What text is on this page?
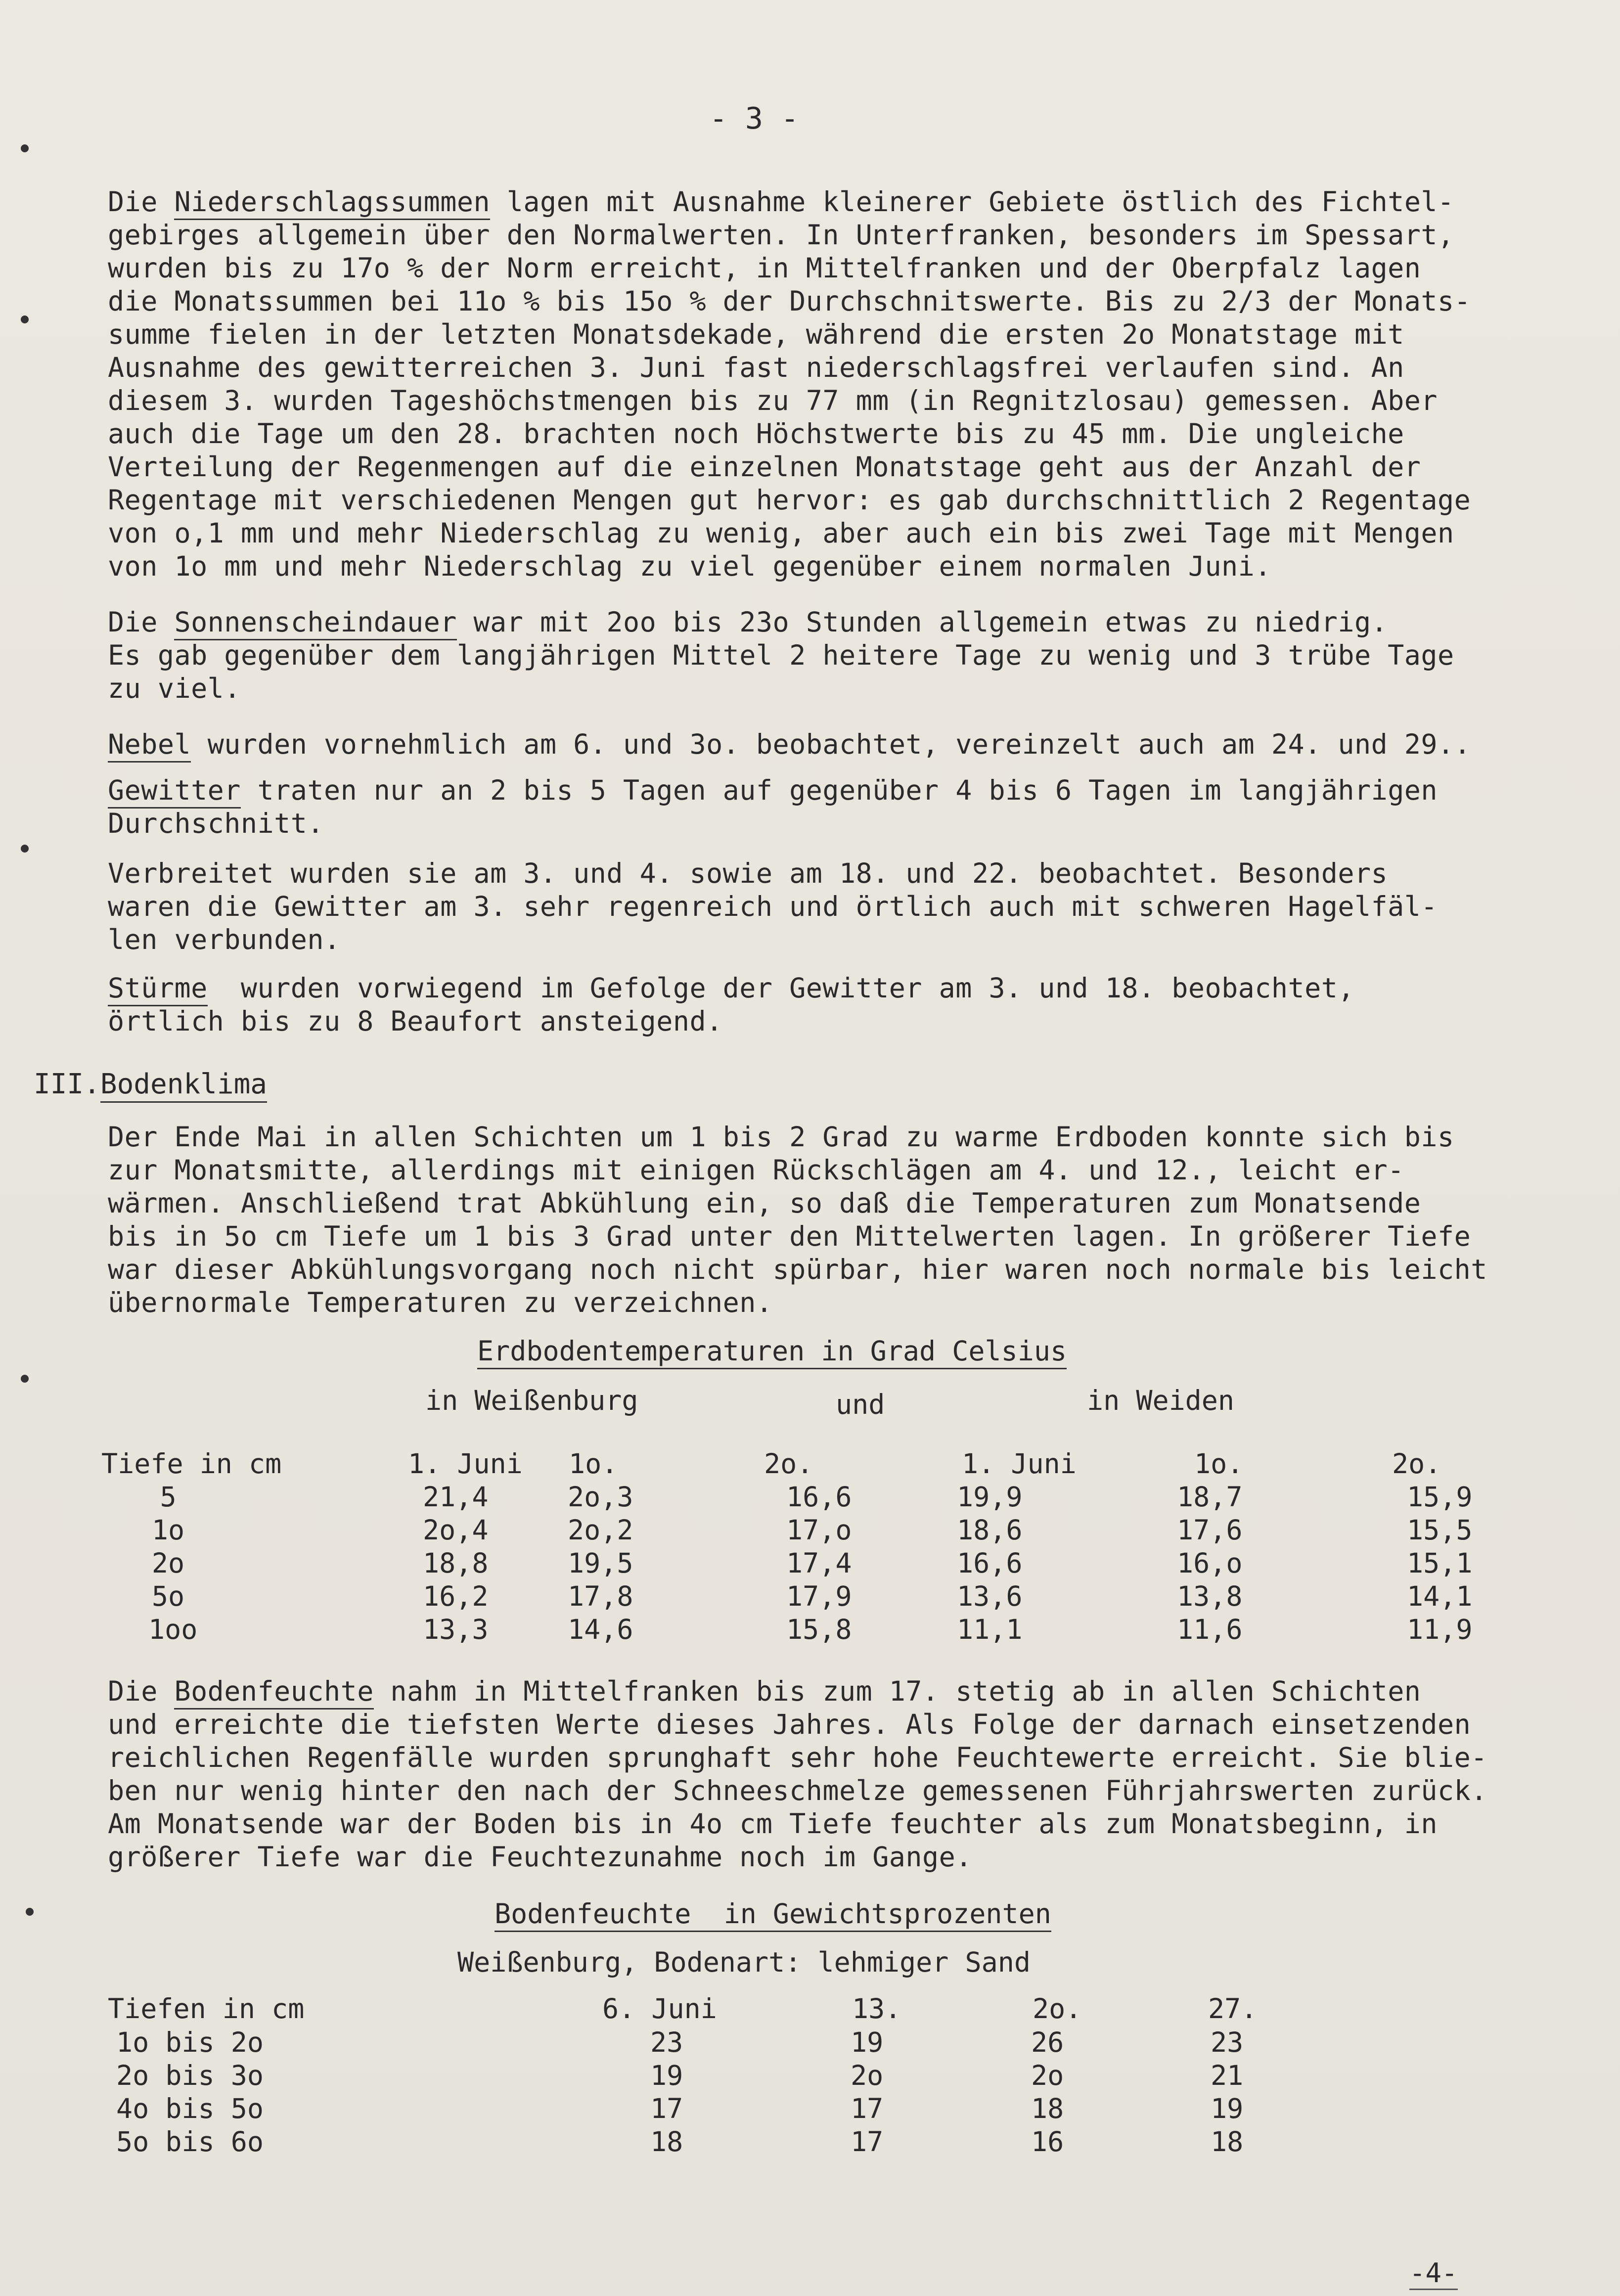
- 3 -
Die Niederschlagssummen lagen mit Ausnahme kleinerer Gebiete östlich des Fichtel-
gebirges allgemein über den Normalwerten. In Unterfranken, besonders im Spessart,
wurden bis zu 17o % der Norm erreicht, in Mittelfranken und der Oberpfalz lagen
die Monatssummen bei 11o % bis 15o % der Durchschnitswerte. Bis zu 2/3 der Monats-
summe fielen in der letzten Monatsdekade, während die ersten 2o Monatstage mit
Ausnahme des gewitterreichen 3. Juni fast niederschlagsfrei verlaufen sind. An
diesem 3. wurden Tageshöchstmengen bis zu 77 mm (in Regnitzlosau) gemessen. Aber
auch die Tage um den 28. brachten noch Höchstwerte bis zu 45 mm. Die ungleiche
Verteilung der Regenmengen auf die einzelnen Monatstage geht aus der Anzahl der
Regentage mit verschiedenen Mengen gut hervor: es gab durchschnittlich 2 Regentage
von o,1 mm und mehr Niederschlag zu wenig, aber auch ein bis zwei Tage mit Mengen
von 1o mm und mehr Niederschlag zu viel gegenüber einem normalen Juni.
Die Sonnenscheindauer war mit 2oo bis 23o Stunden allgemein etwas zu niedrig.
Es gab gegenüber dem langjährigen Mittel 2 heitere Tage zu wenig und 3 trübe Tage
zu viel.
Nebel wurden vornehmlich am 6. und 3o. beobachtet, vereinzelt auch am 24. und 29..
Gewitter traten nur an 2 bis 5 Tagen auf gegenüber 4 bis 6 Tagen im langjährigen
Durchschnitt.
Verbreitet wurden sie am 3. und 4. sowie am 18. und 22. beobachtet. Besonders
waren die Gewitter am 3. sehr regenreich und örtlich auch mit schweren Hagelfäl-
len verbunden.
Stürme  wurden vorwiegend im Gefolge der Gewitter am 3. und 18. beobachtet,
örtlich bis zu 8 Beaufort ansteigend.
III.Bodenklima
Der Ende Mai in allen Schichten um 1 bis 2 Grad zu warme Erdboden konnte sich bis
zur Monatsmitte, allerdings mit einigen Rückschlägen am 4. und 12., leicht er-
wärmen. Anschließend trat Abkühlung ein, so daß die Temperaturen zum Monatsende
bis in 5o cm Tiefe um 1 bis 3 Grad unter den Mittelwerten lagen. In größerer Tiefe
war dieser Abkühlungsvorgang noch nicht spürbar, hier waren noch normale bis leicht
übernormale Temperaturen zu verzeichnen.
Erdbodentemperaturen in Grad Celsius
in Weißenburg	und	in Weiden
Tiefe in cm	1. Juni 1o.	2o.	1. Juni	1o.	2o.
5	21,4	2o,3	16,6	19,9	18,7	15,9
1o	2o,4	2o,2	17,o	18,6	17,6	15,5
2o	18,8	19,5	17,4	16,6	16,o	15,1
5o	16,2	17,8	17,9	13,6	13,8	14,1
1oo	13,3	14,6	15,8	11,1	11,6	11,9
Die Bodenfeuchte nahm in Mittelfranken bis zum 17. stetig ab in allen Schichten
und erreichte die tiefsten Werte dieses Jahres. Als Folge der darnach einsetzenden
reichlichen Regenfälle wurden sprunghaft sehr hohe Feuchtewerte erreicht. Sie blie-
ben nur wenig hinter den nach der Schneeschmelze gemessenen Führjahrswerten zurück.
Am Monatsende war der Boden bis in 4o cm Tiefe feuchter als zum Monatsbeginn, in
größerer Tiefe war die Feuchtezunahme noch im Gange.
Bodenfeuchte  in Gewichtsprozenten
Weißenburg, Bodenart: lehmiger Sand
Tiefen in cm	6. Juni	13.	2o.	27.
1o bis 2o	23	19	26	23
2o bis 3o	19	2o	2o	21
4o bis 5o	17	17	18	19
5o bis 6o	18	17	16	18
-4-
